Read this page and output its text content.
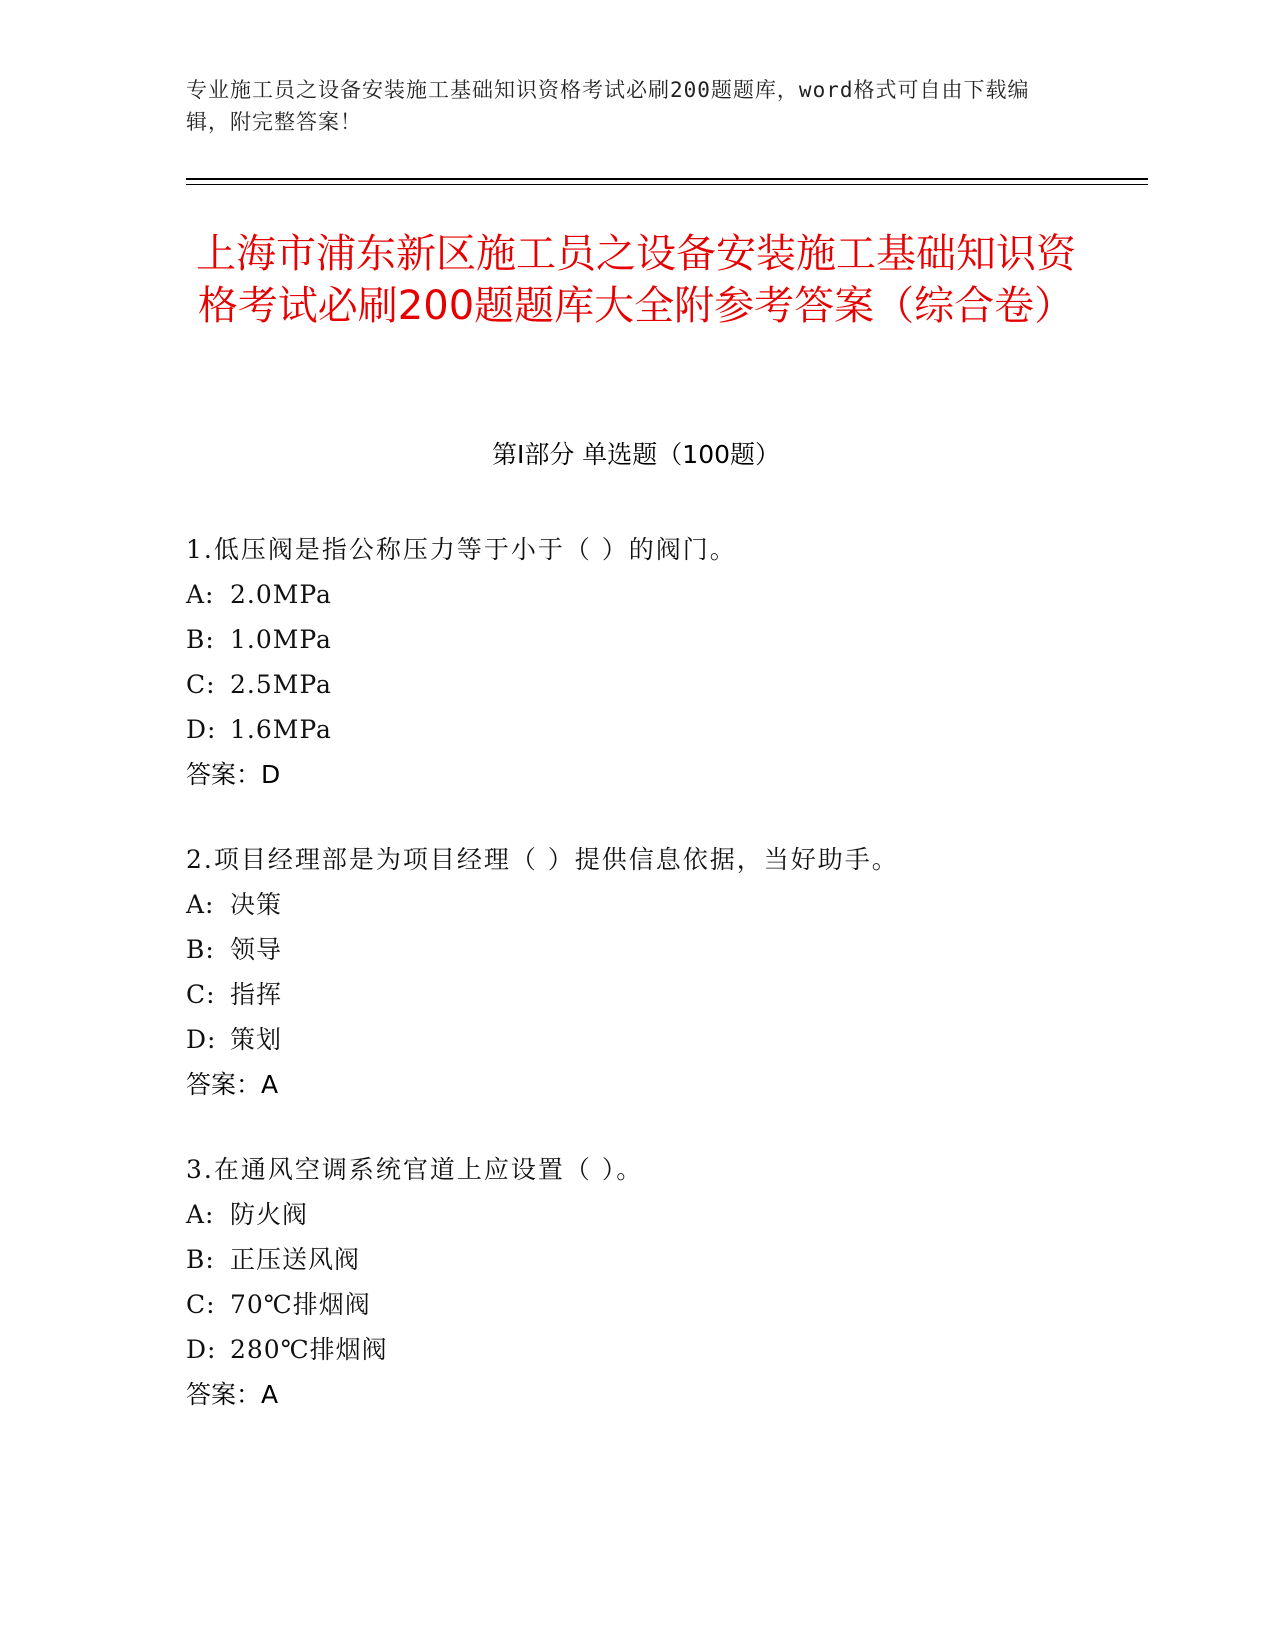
专业施工员之设备安装施工基础知识资格考试必刷200题题库，word格式可自由下载编辑，附完整答案！
上海市浦东新区施工员之设备安装施工基础知识资格考试必刷200题题库大全附参考答案（综合卷）
第Ⅰ部分 单选题（100题）
1.低压阀是指公称压力等于小于（ ）的阀门。
A: 2.0MPa
B: 1.0MPa
C: 2.5MPa
D: 1.6MPa
答案：D
2.项目经理部是为项目经理（ ）提供信息依据，当好助手。
A: 决策
B: 领导
C: 指挥
D: 策划
答案：A
3.在通风空调系统官道上应设置（ ）。
A: 防火阀
B: 正压送风阀
C: 70℃排烟阀
D: 280℃排烟阀
答案：A
